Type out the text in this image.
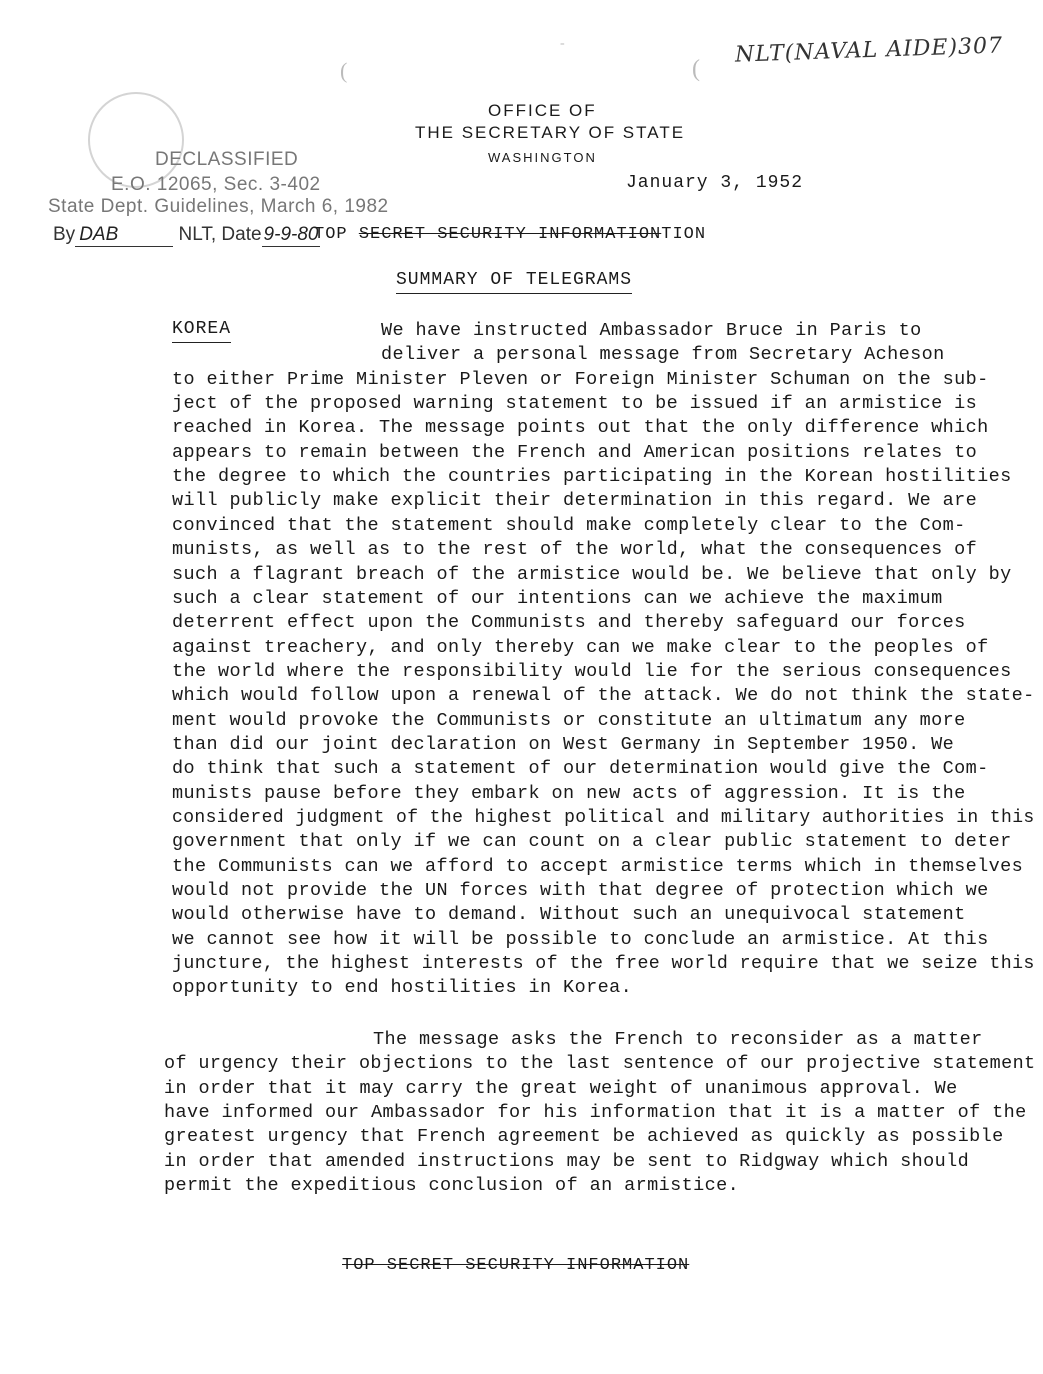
-
(	(
NLT(NAVAL AIDE)307
OFFICE OF
THE SECRETARY OF STATE
WASHINGTON
January 3, 1952
DECLASSIFIED
E.O. 12065, Sec. 3-402
State Dept. Guidelines, March 6, 1982
By DAB	NLT, Date 9-9-80
TOP SECRET SECURITY INFORMATIONTION
SUMMARY OF TELEGRAMS
KOREA	We have instructed Ambassador Bruce in Paris to
deliver a personal message from Secretary Acheson
to either Prime Minister Pleven or Foreign Minister Schuman on the sub-
ject of the proposed warning statement to be issued if an armistice is
reached in Korea. The message points out that the only difference which
appears to remain between the French and American positions relates to
the degree to which the countries participating in the Korean hostilities
will publicly make explicit their determination in this regard. We are
convinced that the statement should make completely clear to the Com-
munists, as well as to the rest of the world, what the consequences of
such a flagrant breach of the armistice would be. We believe that only by
such a clear statement of our intentions can we achieve the maximum
deterrent effect upon the Communists and thereby safeguard our forces
against treachery, and only thereby can we make clear to the peoples of
the world where the responsibility would lie for the serious consequences
which would follow upon a renewal of the attack. We do not think the state-
ment would provoke the Communists or constitute an ultimatum any more
than did our joint declaration on West Germany in September 1950. We
do think that such a statement of our determination would give the Com-
munists pause before they embark on new acts of aggression. It is the
considered judgment of the highest political and military authorities in this
government that only if we can count on a clear public statement to deter
the Communists can we afford to accept armistice terms which in themselves
would not provide the UN forces with that degree of protection which we
would otherwise have to demand. Without such an unequivocal statement
we cannot see how it will be possible to conclude an armistice. At this
juncture, the highest interests of the free world require that we seize this
opportunity to end hostilities in Korea.
The message asks the French to reconsider as a matter
of urgency their objections to the last sentence of our projective statement
in order that it may carry the great weight of unanimous approval. We
have informed our Ambassador for his information that it is a matter of the
greatest urgency that French agreement be achieved as quickly as possible
in order that amended instructions may be sent to Ridgway which should
permit the expeditious conclusion of an armistice.
TOP SECRET SECURITY INFORMATION
